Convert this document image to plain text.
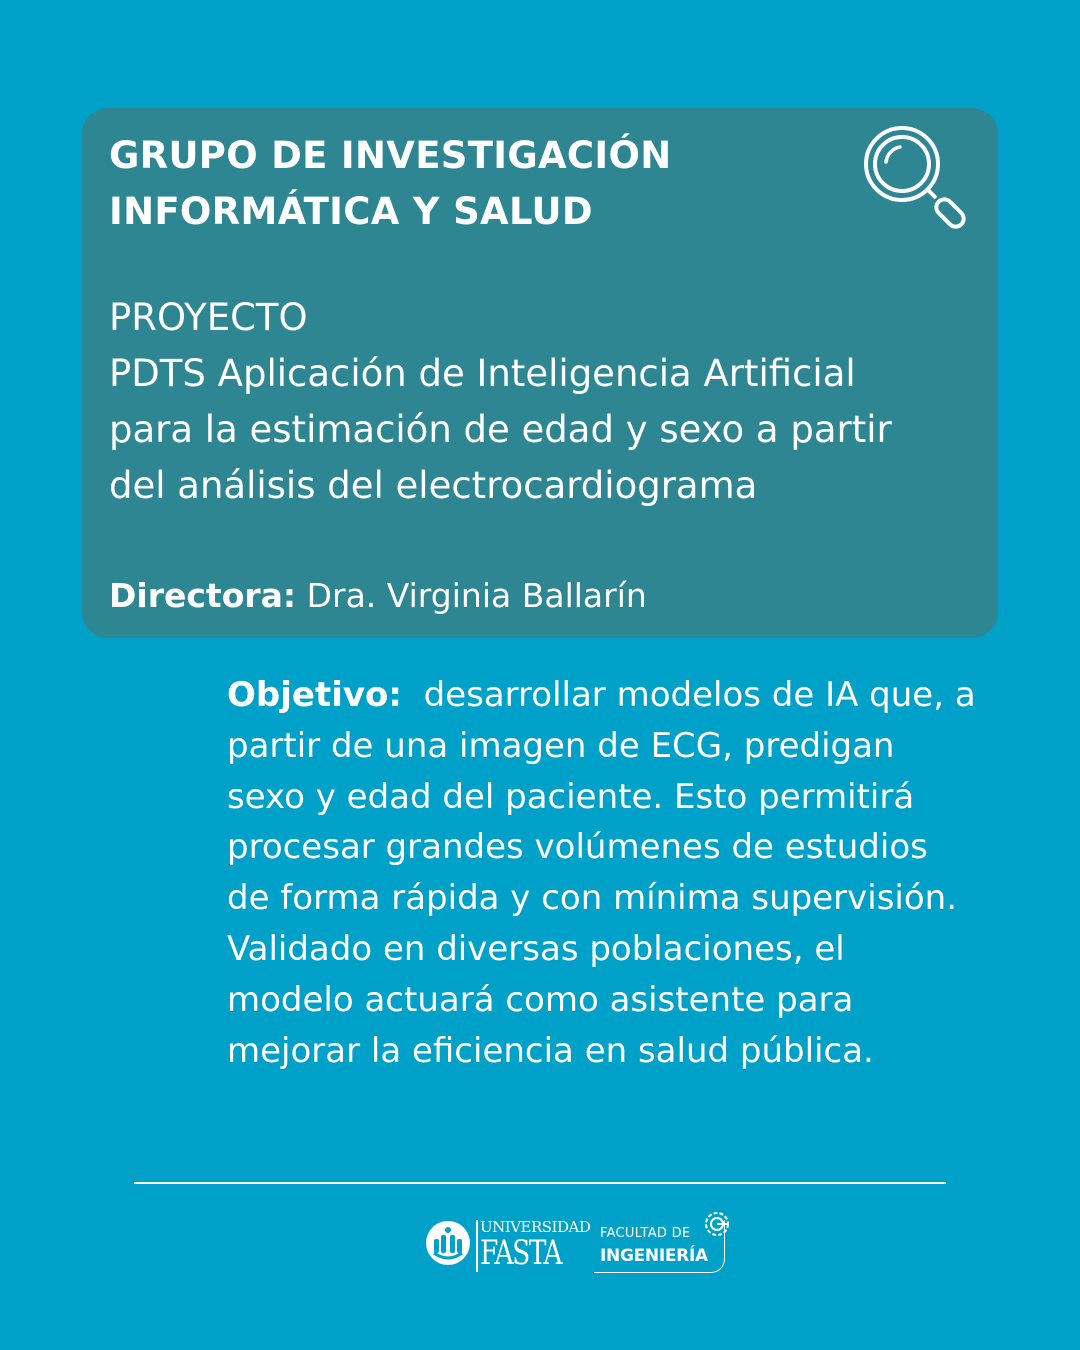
GRUPO DE INVESTIGACIÓN
INFORMÁTICA Y SALUD
PROYECTO
PDTS Aplicación de Inteligencia Artificial
para la estimación de edad y sexo a partir
del análisis del electrocardiograma

Directora: Dra. Virginia Ballarín

Objetivo: desarrollar modelos de IA que, a
partir de una imagen de ECG, predigan
sexo y edad del paciente. Esto permitirá
procesar grandes volúmenes de estudios
de forma rápida y con mínima supervisión.
Validado en diversas poblaciones, el
modelo actuará como asistente para
mejorar la eficiencia en salud pública.

UNIVERSIDAD
FASTA	FACULTAD DE
INGENIERÍA
